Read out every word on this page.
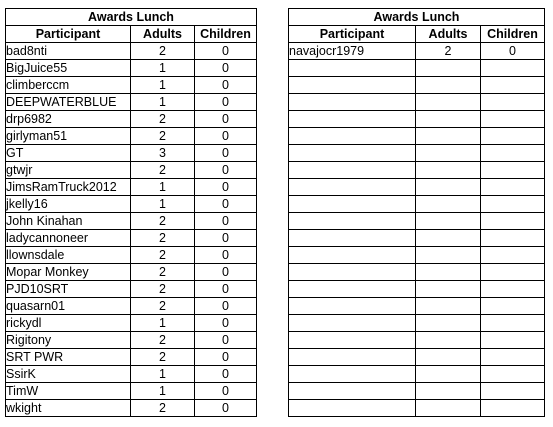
Awards Lunch		
Participant	Adults	Children
bad8nti	2	0
BigJuice55	1	0
climberccm	1	0
DEEPWATERBLUE	1	0
drp6982	2	0
girlyman51	2	0
GT	3	0
gtwjr	2	0
JimsRamTruck2012	1	0
jkelly16	1	0
John Kinahan	2	0
ladycannoneer	2	0
llownsdale	2	0
Mopar Monkey	2	0
PJD10SRT	2	0
quasarn01	2	0
rickydl	1	0
Rigitony	2	0
SRT PWR	2	0
SsirK	1	0
TimW	1	0
wkight	2	0
Awards Lunch		
Participant	Adults	Children
navajocr1979	2	0
